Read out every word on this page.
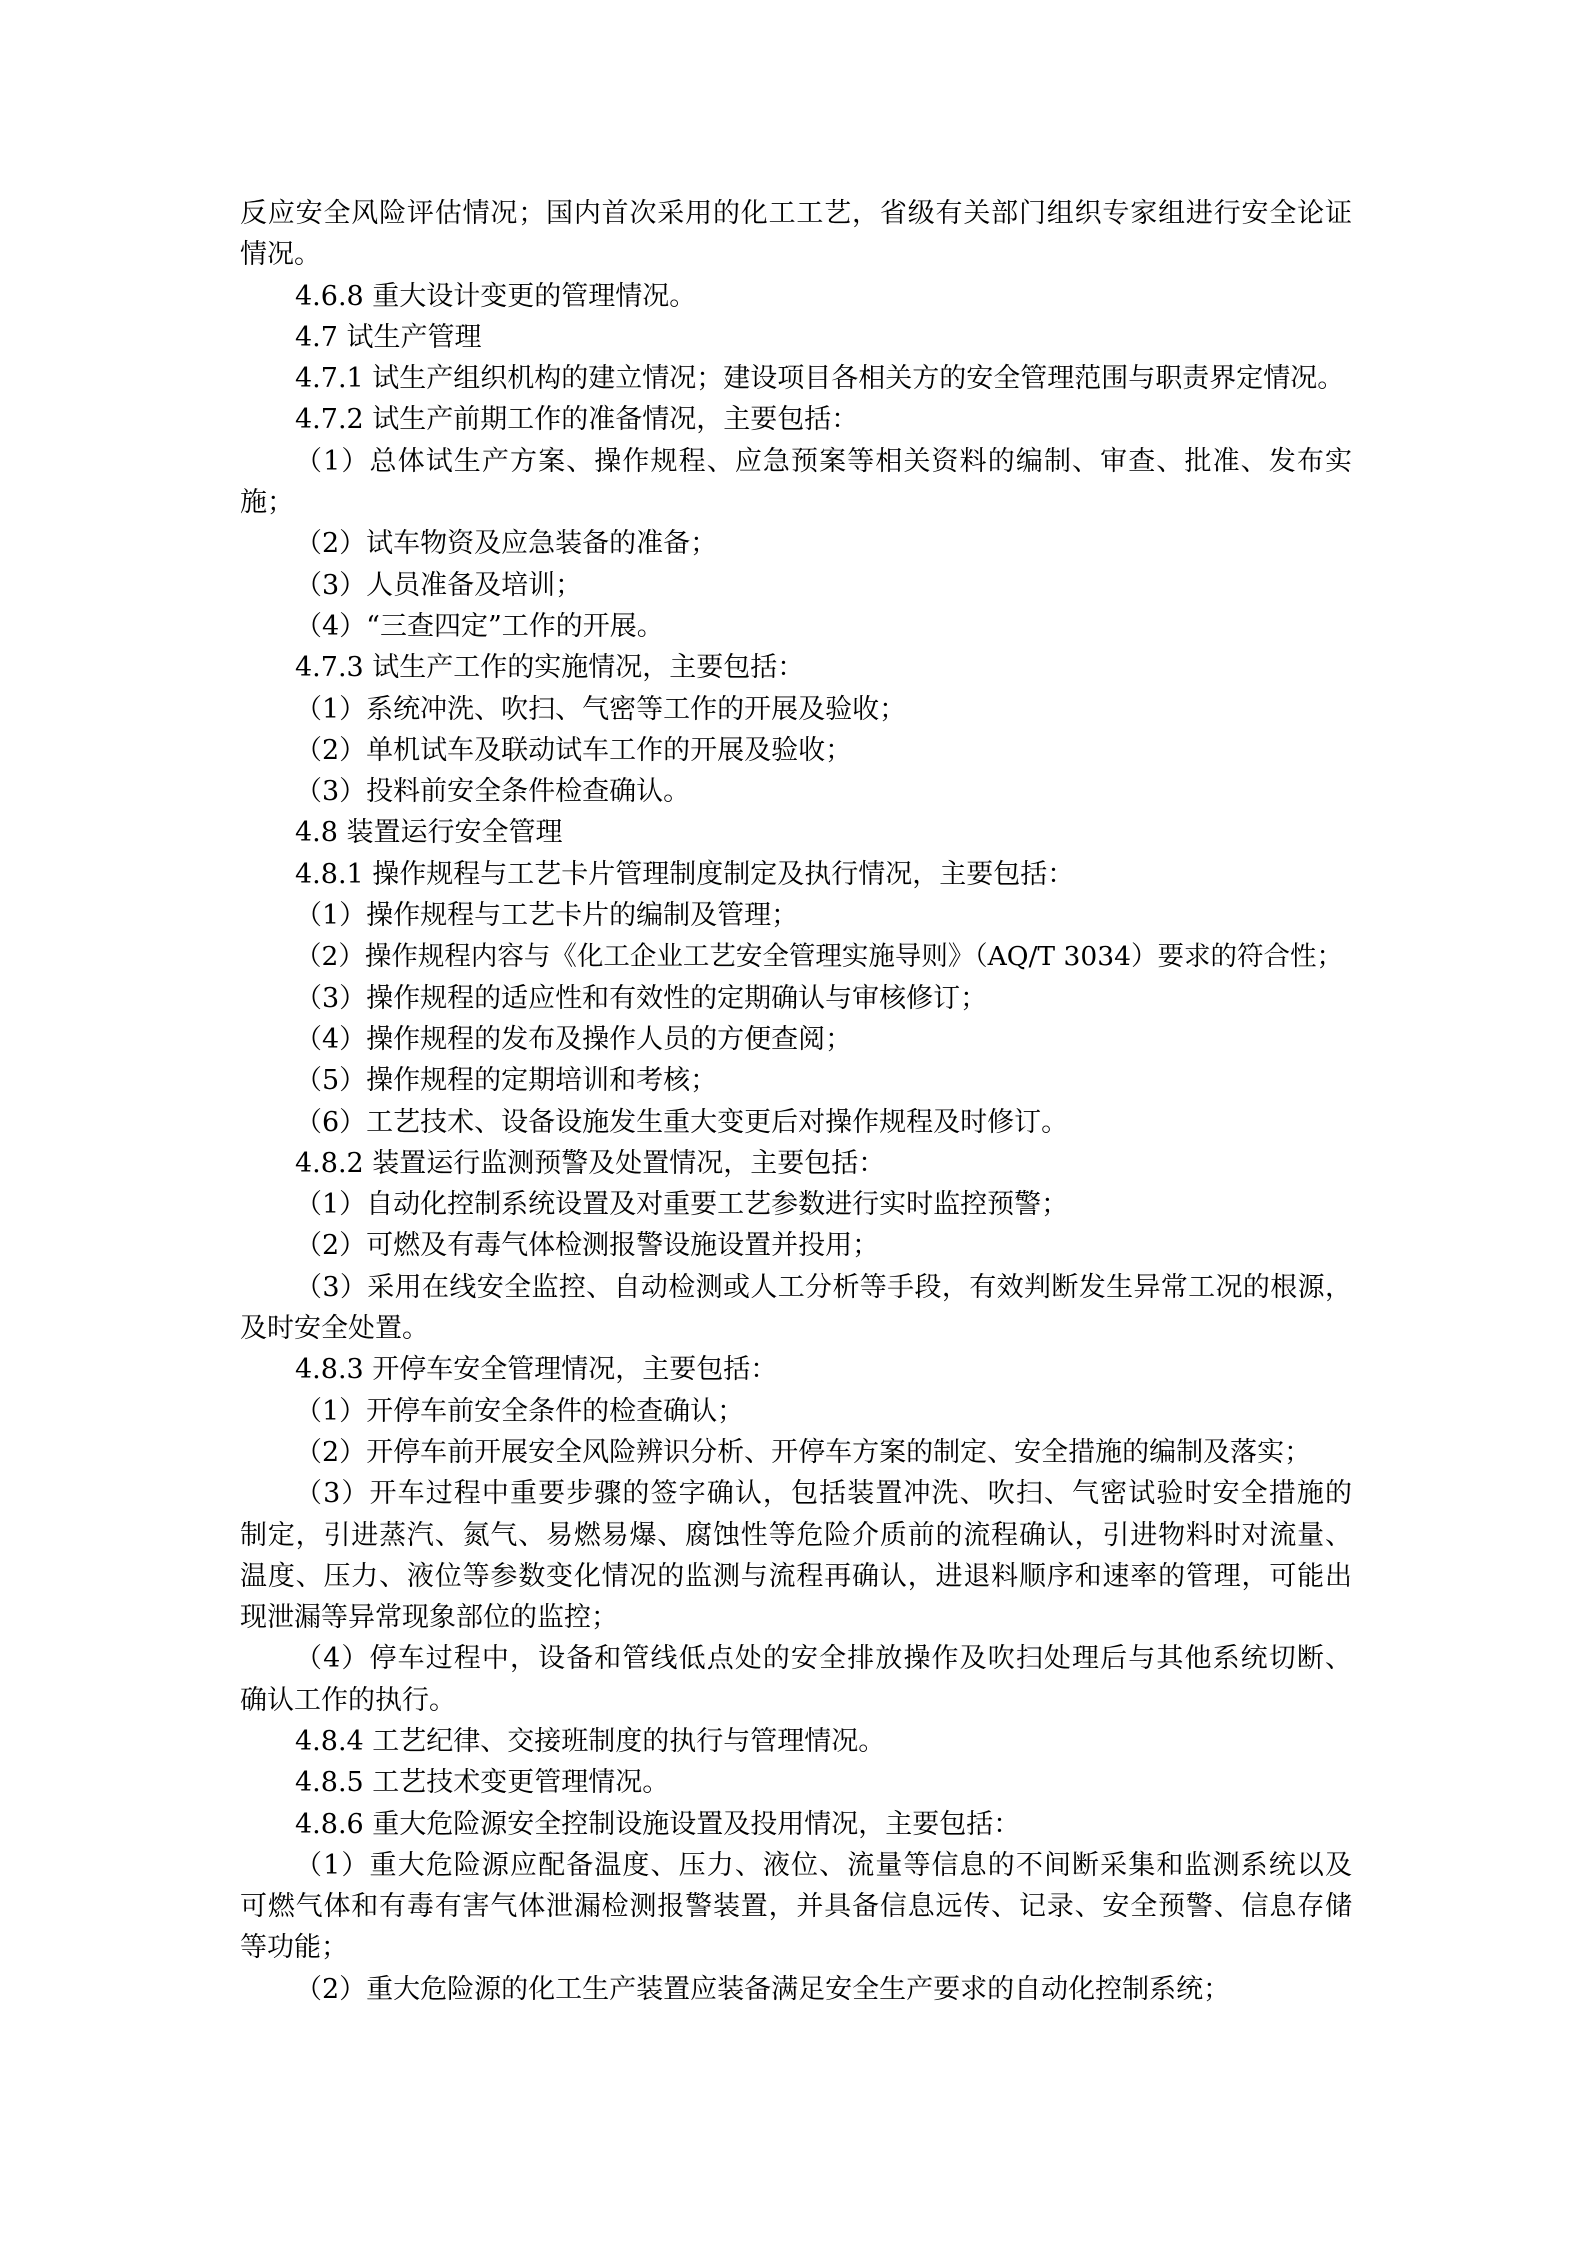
反应安全风险评估情况；国内首次采用的化工工艺，省级有关部门组织专家组进行安全论证
情况。
4.6.8 重大设计变更的管理情况。
4.7 试生产管理
4.7.1 试生产组织机构的建立情况；建设项目各相关方的安全管理范围与职责界定情况。
4.7.2 试生产前期工作的准备情况，主要包括：
（1）总体试生产方案、操作规程、应急预案等相关资料的编制、审查、批准、发布实
施；
（2）试车物资及应急装备的准备；
（3）人员准备及培训；
（4）“三查四定”工作的开展。
4.7.3 试生产工作的实施情况，主要包括：
（1）系统冲洗、吹扫、气密等工作的开展及验收；
（2）单机试车及联动试车工作的开展及验收；
（3）投料前安全条件检查确认。
4.8 装置运行安全管理
4.8.1 操作规程与工艺卡片管理制度制定及执行情况，主要包括：
（1）操作规程与工艺卡片的编制及管理；
（2）操作规程内容与《化工企业工艺安全管理实施导则》（AQ/T 3034）要求的符合性；
（3）操作规程的适应性和有效性的定期确认与审核修订；
（4）操作规程的发布及操作人员的方便查阅；
（5）操作规程的定期培训和考核；
（6）工艺技术、设备设施发生重大变更后对操作规程及时修订。
4.8.2 装置运行监测预警及处置情况，主要包括：
（1）自动化控制系统设置及对重要工艺参数进行实时监控预警；
（2）可燃及有毒气体检测报警设施设置并投用；
（3）采用在线安全监控、自动检测或人工分析等手段，有效判断发生异常工况的根源，
及时安全处置。
4.8.3 开停车安全管理情况，主要包括：
（1）开停车前安全条件的检查确认；
（2）开停车前开展安全风险辨识分析、开停车方案的制定、安全措施的编制及落实；
（3）开车过程中重要步骤的签字确认，包括装置冲洗、吹扫、气密试验时安全措施的
制定，引进蒸汽、氮气、易燃易爆、腐蚀性等危险介质前的流程确认，引进物料时对流量、
温度、压力、液位等参数变化情况的监测与流程再确认，进退料顺序和速率的管理，可能出
现泄漏等异常现象部位的监控；
（4）停车过程中，设备和管线低点处的安全排放操作及吹扫处理后与其他系统切断、
确认工作的执行。
4.8.4 工艺纪律、交接班制度的执行与管理情况。
4.8.5 工艺技术变更管理情况。
4.8.6 重大危险源安全控制设施设置及投用情况，主要包括：
（1）重大危险源应配备温度、压力、液位、流量等信息的不间断采集和监测系统以及
可燃气体和有毒有害气体泄漏检测报警装置，并具备信息远传、记录、安全预警、信息存储
等功能；
（2）重大危险源的化工生产装置应装备满足安全生产要求的自动化控制系统；
